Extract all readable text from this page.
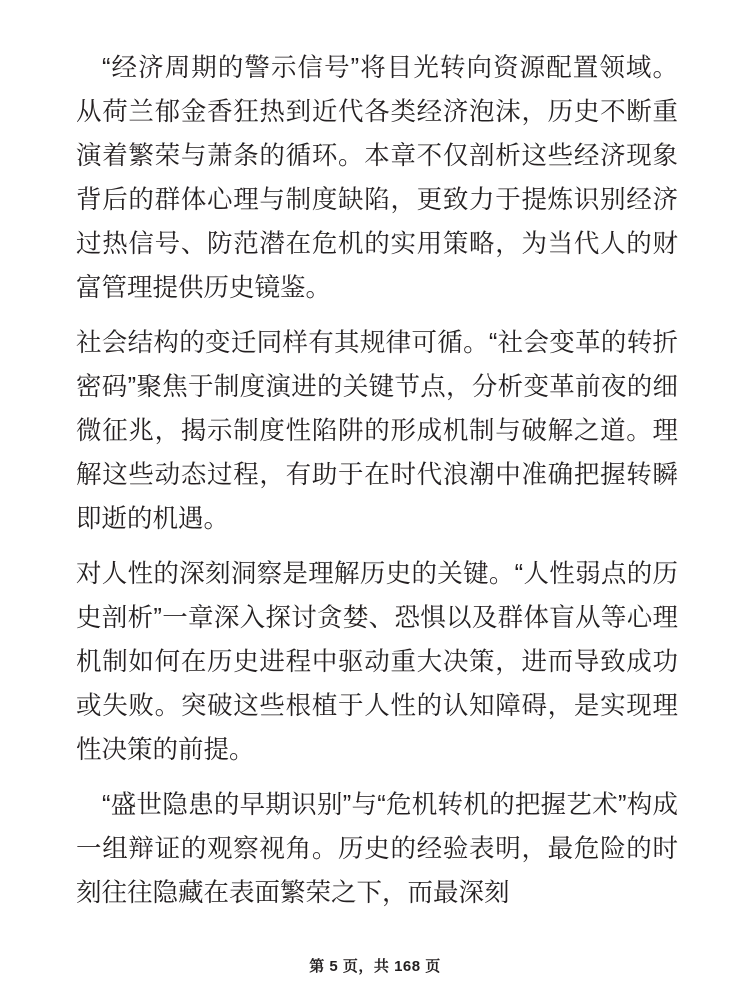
“经济周期的警示信号”将目光转向资源配置领域。从荷兰郁金香狂热到近代各类经济泡沫，历史不断重演着繁荣与萧条的循环。本章不仅剖析这些经济现象背后的群体心理与制度缺陷，更致力于提炼识别经济过热信号、防范潜在危机的实用策略，为当代人的财富管理提供历史镜鉴。

社会结构的变迁同样有其规律可循。“社会变革的转折密码”聚焦于制度演进的关键节点，分析变革前夜的细微征兆，揭示制度性陷阱的形成机制与破解之道。理解这些动态过程，有助于在时代浪潮中准确把握转瞬即逝的机遇。

对人性的深刻洞察是理解历史的关键。“人性弱点的历史剖析”一章深入探讨贪婪、恐惧以及群体盲从等心理机制如何在历史进程中驱动重大决策，进而导致成功或失败。突破这些根植于人性的认知障碍，是实现理性决策的前提。

“盛世隐患的早期识别”与“危机转机的把握艺术”构成一组辩证的观察视角。历史的经验表明，最危险的时刻往往隐藏在表面繁荣之下，而最深刻

第 5 页，共 168 页
